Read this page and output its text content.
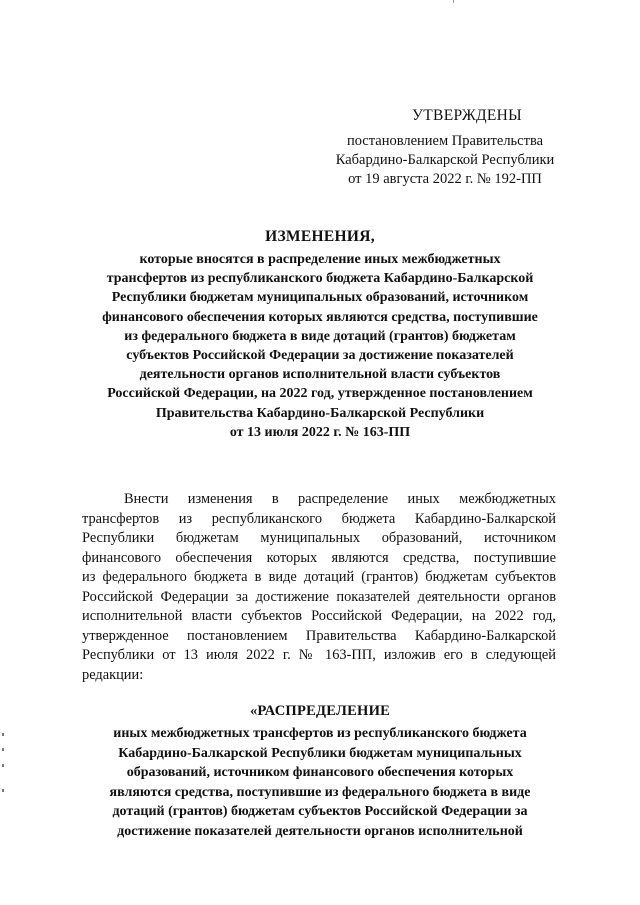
УТВЕРЖДЕНЫ
постановлением Правительства
Кабардино-Балкарской Республики
от 19 августа 2022 г. № 192-ПП
ИЗМЕНЕНИЯ,
которые вносятся в распределение иных межбюджетных
трансфертов из республиканского бюджета Кабардино-Балкарской
Республики бюджетам муниципальных образований, источником
финансового обеспечения которых являются средства, поступившие
из федерального бюджета в виде дотаций (грантов) бюджетам
субъектов Российской Федерации за достижение показателей
деятельности органов исполнительной власти субъектов
Российской Федерации, на 2022 год, утвержденное постановлением
Правительства Кабардино-Балкарской Республики
от 13 июля 2022 г. № 163-ПП
Внести изменения в распределение иных межбюджетных
трансфертов из республиканского бюджета Кабардино-Балкарской
Республики бюджетам муниципальных образований, источником
финансового обеспечения которых являются средства, поступившие
из федерального бюджета в виде дотаций (грантов) бюджетам субъектов
Российской Федерации за достижение показателей деятельности органов
исполнительной власти субъектов Российской Федерации, на 2022 год,
утвержденное постановлением Правительства Кабардино-Балкарской
Республики от 13 июля 2022 г. № 163-ПП, изложив его в следующей
редакции:
«РАСПРЕДЕЛЕНИЕ
иных межбюджетных трансфертов из республиканского бюджета
Кабардино-Балкарской Республики бюджетам муниципальных
образований, источником финансового обеспечения которых
являются средства, поступившие из федерального бюджета в виде
дотаций (грантов) бюджетам субъектов Российской Федерации за
достижение показателей деятельности органов исполнительной
